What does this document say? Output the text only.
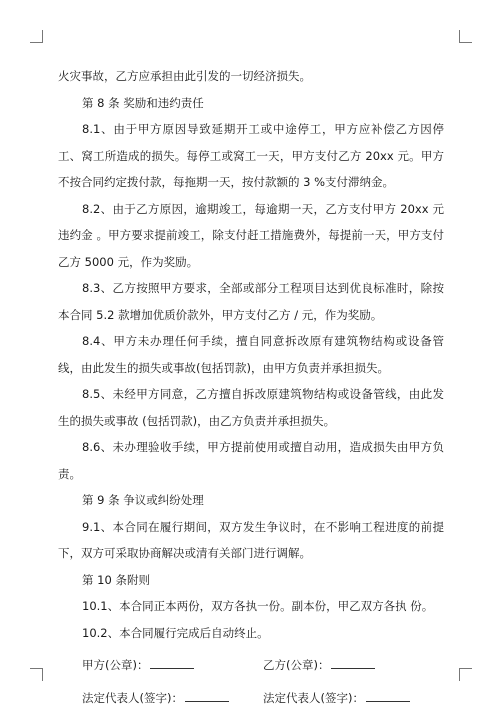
火灾事故，乙方应承担由此引发的一切经济损失。

第 8 条 奖励和违约责任

8.1、由于甲方原因导致延期开工或中途停工，甲方应补偿乙方因停工、窝工所造成的损失。每停工或窝工一天，甲方支付乙方 20xx 元。甲方不按合同约定拨付款，每拖期一天，按付款额的 3 %支付滞纳金。

8.2、由于乙方原因，逾期竣工，每逾期一天，乙方支付甲方 20xx 元违约金 。甲方要求提前竣工，除支付赶工措施费外，每提前一天，甲方支付乙方 5000 元，作为奖励。

8.3、乙方按照甲方要求，全部或部分工程项目达到优良标准时，除按本合同 5.2 款增加优质价款外，甲方支付乙方 / 元，作为奖励。

8.4、甲方未办理任何手续，擅自同意拆改原有建筑物结构或设备管线，由此发生的损失或事故(包括罚款)，由甲方负责并承担损失。

8.5、未经甲方同意，乙方擅自拆改原建筑物结构或设备管线，由此发生的损失或事故 (包括罚款)，由乙方负责并承担损失。

8.6、未办理验收手续，甲方提前使用或擅自动用，造成损失由甲方负责。

第 9 条 争议或纠纷处理

9.1、本合同在履行期间，双方发生争议时，在不影响工程进度的前提下，双方可采取协商解决或清有关部门进行调解。

第 10 条附则

10.1、本合同正本两份，双方各执一份。副本份，甲乙双方各执 份。

10.2、本合同履行完成后自动终止。

甲方(公章)：	乙方(公章)：
法定代表人(签字)：	法定代表人(签字)：
